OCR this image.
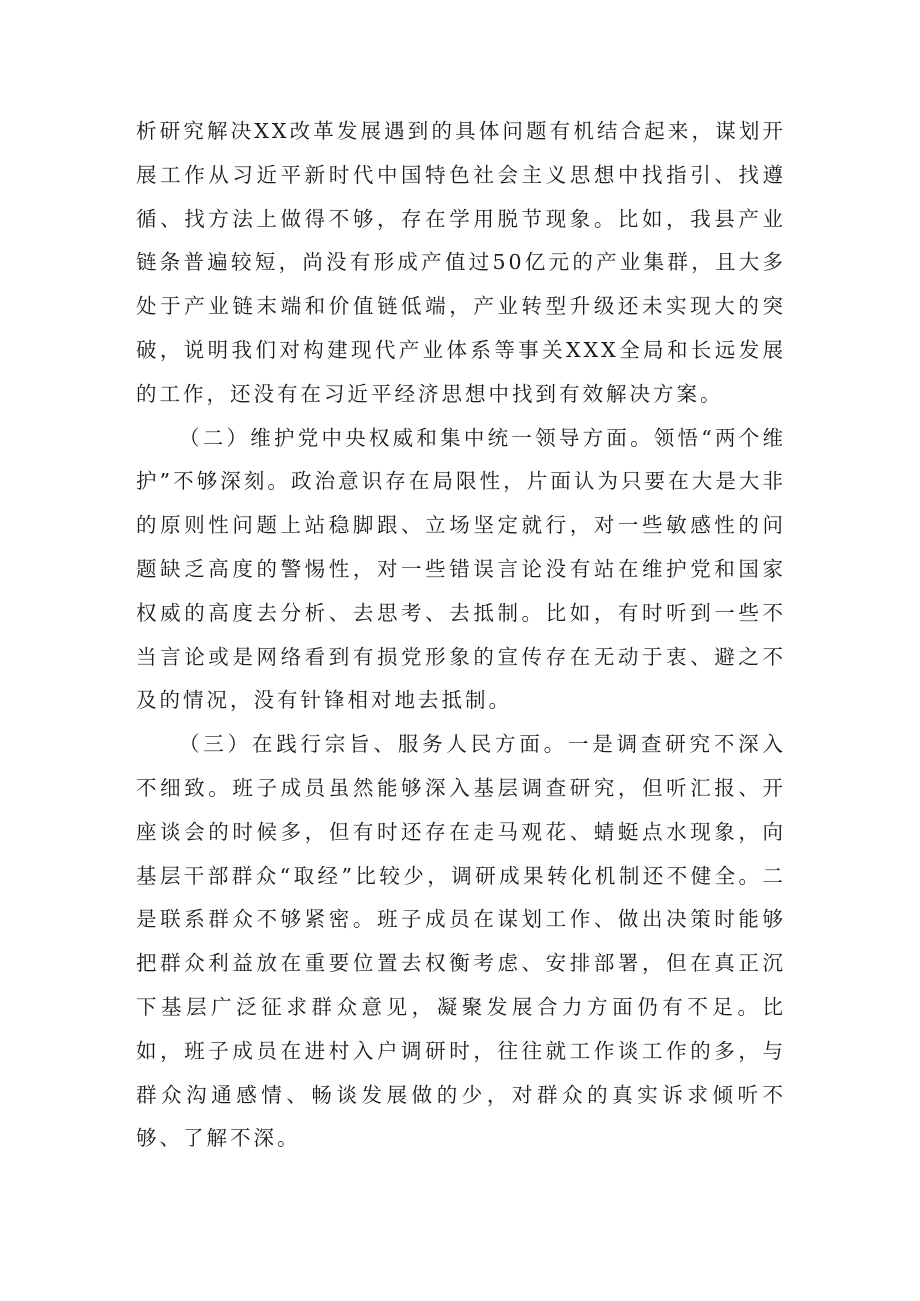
析研究解决XX改革发展遇到的具体问题有机结合起来，谋划开展工作从习近平新时代中国特色社会主义思想中找指引、找遵循、找方法上做得不够，存在学用脱节现象。比如，我县产业链条普遍较短，尚没有形成产值过50亿元的产业集群，且大多处于产业链末端和价值链低端，产业转型升级还未实现大的突破，说明我们对构建现代产业体系等事关XXX全局和长远发展的工作，还没有在习近平经济思想中找到有效解决方案。

（二）维护党中央权威和集中统一领导方面。领悟“两个维护”不够深刻。政治意识存在局限性，片面认为只要在大是大非的原则性问题上站稳脚跟、立场坚定就行，对一些敏感性的问题缺乏高度的警惕性，对一些错误言论没有站在维护党和国家权威的高度去分析、去思考、去抵制。比如，有时听到一些不当言论或是网络看到有损党形象的宣传存在无动于衷、避之不及的情况，没有针锋相对地去抵制。

（三）在践行宗旨、服务人民方面。一是调查研究不深入不细致。班子成员虽然能够深入基层调查研究，但听汇报、开座谈会的时候多，但有时还存在走马观花、蜻蜓点水现象，向基层干部群众“取经”比较少，调研成果转化机制还不健全。二是联系群众不够紧密。班子成员在谋划工作、做出决策时能够把群众利益放在重要位置去权衡考虑、安排部署，但在真正沉下基层广泛征求群众意见，凝聚发展合力方面仍有不足。比如，班子成员在进村入户调研时，往往就工作谈工作的多，与群众沟通感情、畅谈发展做的少，对群众的真实诉求倾听不够、了解不深。
